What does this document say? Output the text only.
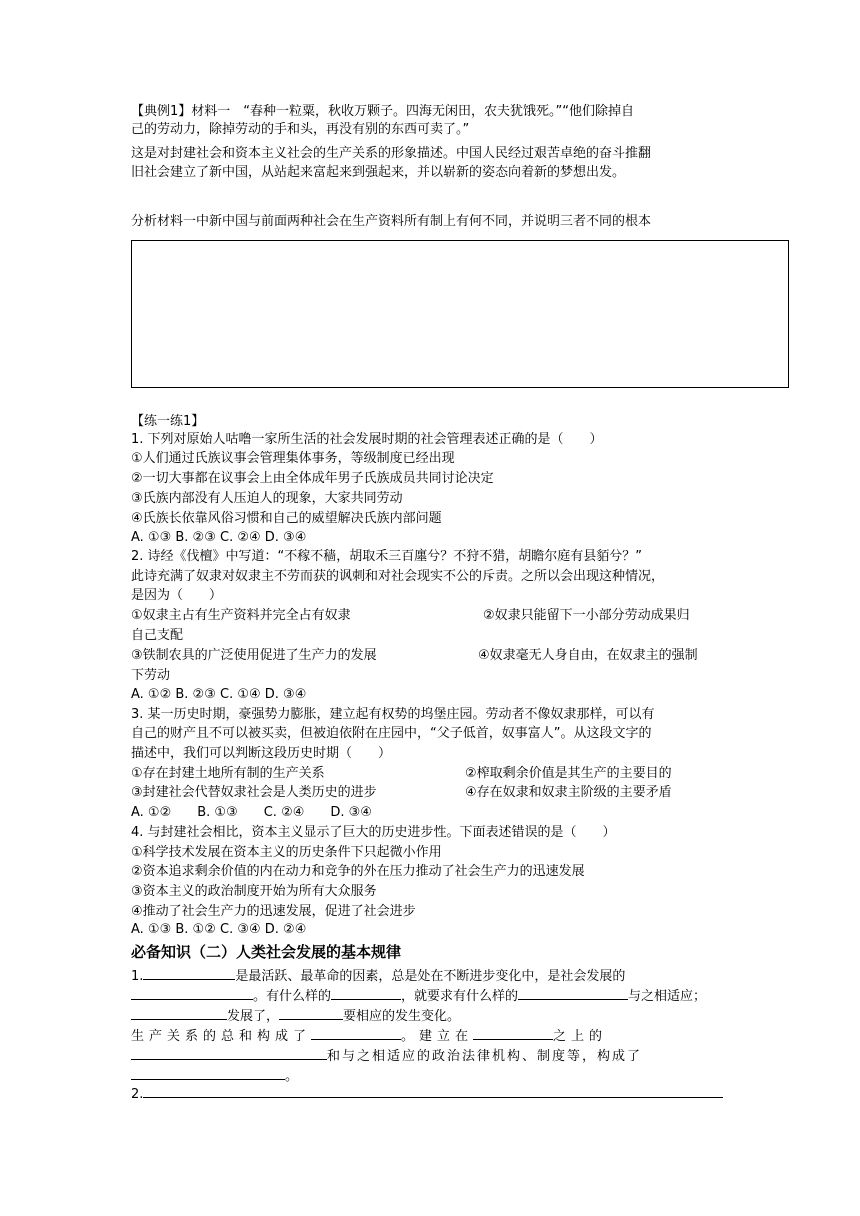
【典例1】材料一　“春种一粒粟，秋收万颗子。四海无闲田，农夫犹饿死。”“他们除掉自
己的劳动力，除掉劳动的手和头，再没有别的东西可卖了。”
这是对封建社会和资本主义社会的生产关系的形象描述。中国人民经过艰苦卓绝的奋斗推翻
旧社会建立了新中国，从站起来富起来到强起来，并以崭新的姿态向着新的梦想出发。
分析材料一中新中国与前面两种社会在生产资料所有制上有何不同，并说明三者不同的根本
【练一练1】
1. 下列对原始人咕噜一家所生活的社会发展时期的社会管理表述正确的是（　　）
①人们通过氏族议事会管理集体事务，等级制度已经出现
②一切大事都在议事会上由全体成年男子氏族成员共同讨论决定
③氏族内部没有人压迫人的现象，大家共同劳动
④氏族长依靠风俗习惯和自己的威望解决氏族内部问题
A. ①③ B. ②③ C. ②④ D. ③④
2. 诗经《伐檀》中写道：“不稼不穑，胡取禾三百廛兮？不狩不猎，胡瞻尔庭有县貊兮？”
此诗充满了奴隶对奴隶主不劳而获的讽刺和对社会现实不公的斥责。之所以会出现这种情况，
是因为（　　）
①奴隶主占有生产资料并完全占有奴隶	②奴隶只能留下一小部分劳动成果归
自己支配
③铁制农具的广泛使用促进了生产力的发展	④奴隶毫无人身自由，在奴隶主的强制
下劳动
A. ①② B. ②③ C. ①④ D. ③④
3. 某一历史时期，豪强势力膨胀，建立起有权势的坞堡庄园。劳动者不像奴隶那样，可以有
自己的财产且不可以被买卖，但被迫依附在庄园中，“父子低首，奴事富人”。从这段文字的
描述中，我们可以判断这段历史时期（　　）
①存在封建土地所有制的生产关系	②榨取剩余价值是其生产的主要目的
③封建社会代替奴隶社会是人类历史的进步	④存在奴隶和奴隶主阶级的主要矛盾
A. ①②　　B. ①③　　C. ②④　　D. ③④
4. 与封建社会相比，资本主义显示了巨大的历史进步性。下面表述错误的是（　　）
①科学技术发展在资本主义的历史条件下只起微小作用
②资本追求剩余价值的内在动力和竞争的外在压力推动了社会生产力的迅速发展
③资本主义的政治制度开始为所有大众服务
④推动了社会生产力的迅速发展，促进了社会进步
A. ①③ B. ①② C. ③④ D. ②④
必备知识（二）人类社会发展的基本规律
1.	是最活跃、最革命的因素，总是处在不断进步变化中，是社会发展的
。有什么样的	，就要求有什么样的	与之相适应；
发展了，	要相应的发生变化。
生产关系的总和构成了	。建立在	之上的
和与之相适应的政治法律机构、制度等，构成了
。
2.
